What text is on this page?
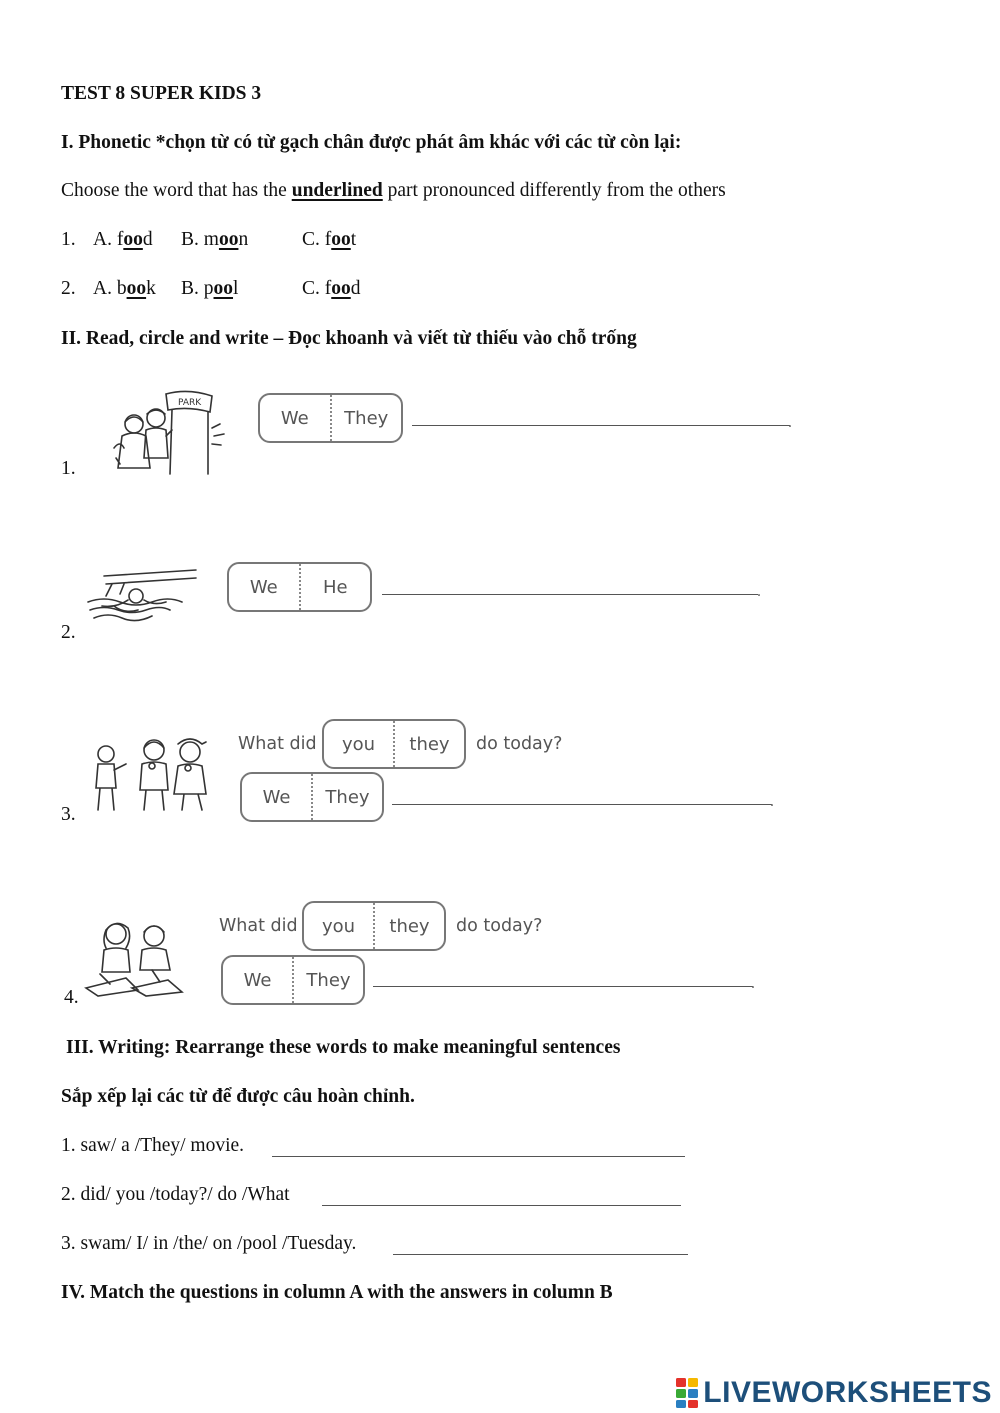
TEST 8 SUPER KIDS 3
I. Phonetic *chọn từ có từ gạch chân được phát âm khác với các từ còn lại:
Choose the word that has the underlined part pronounced differently from the others
1. A. food B. moon	C. foot
2. A. book B. pool	C. food
II. Read, circle and write – Đọc khoanh và viết từ thiếu vào chỗ trống
1.
PARK
We	They	.
2.
We	He	.
3.
What did	you	they	do today?
We	They	.
4.
What did	you	they	do today?
We	They	.
III. Writing: Rearrange these words to make meaningful sentences
Sắp xếp lại các từ để được câu hoàn chỉnh.
1. saw/ a /They/ movie.
2. did/ you /today?/ do /What
3. swam/ I/ in /the/ on /pool /Tuesday.
IV. Match the questions in column A with the answers in column B
LIVEWORKSHEETS
